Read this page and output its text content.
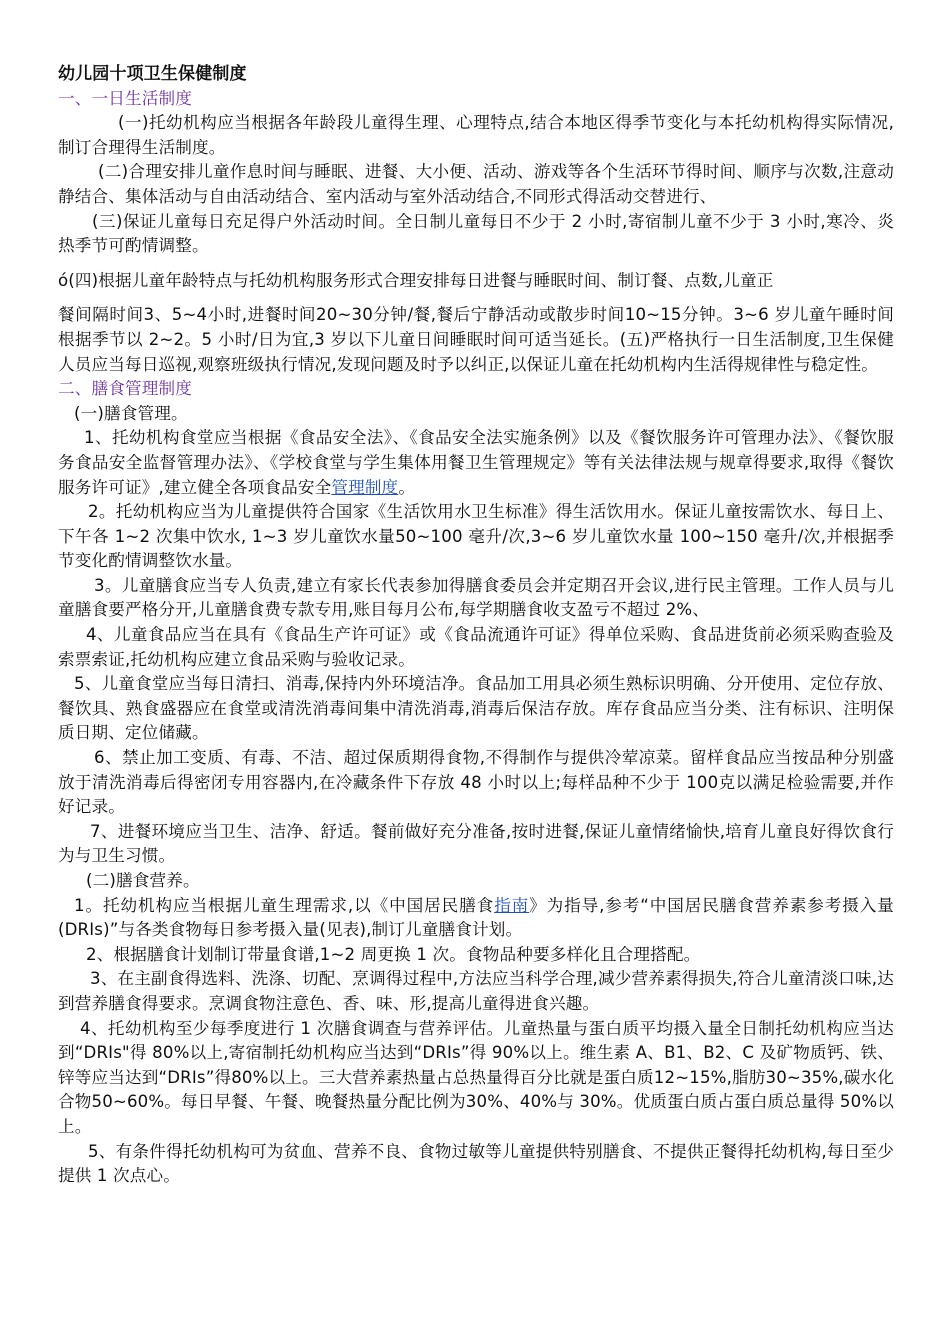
幼儿园十项卫生保健制度

一、一日生活制度

(一)托幼机构应当根据各年龄段儿童得生理、心理特点,结合本地区得季节变化与本托幼机构得实际情况,制订合理得生活制度。

(二)合理安排儿童作息时间与睡眠、进餐、大小便、活动、游戏等各个生活环节得时间、顺序与次数,注意动静结合、集体活动与自由活动结合、室内活动与室外活动结合,不同形式得活动交替进行、

(三)保证儿童每日充足得户外活动时间。全日制儿童每日不少于 2 小时,寄宿制儿童不少于 3 小时,寒冷、炎热季节可酌情调整。

ó(四)根据儿童年龄特点与托幼机构服务形式合理安排每日进餐与睡眠时间、制订餐、点数,儿童正

餐间隔时间3、5~4小时,进餐时间20~30分钟/餐,餐后宁静活动或散步时间10~15分钟。3~6 岁儿童午睡时间根据季节以 2~2。5 小时/日为宜,3 岁以下儿童日间睡眠时间可适当延长。(五)严格执行一日生活制度,卫生保健人员应当每日巡视,观察班级执行情况,发现问题及时予以纠正,以保证儿童在托幼机构内生活得规律性与稳定性。

二、膳食管理制度

(一)膳食管理。

1、托幼机构食堂应当根据《食品安全法》、《食品安全法实施条例》以及《餐饮服务许可管理办法》、《餐饮服务食品安全监督管理办法》、《学校食堂与学生集体用餐卫生管理规定》等有关法律法规与规章得要求,取得《餐饮服务许可证》,建立健全各项食品安全管理制度。

2。托幼机构应当为儿童提供符合国家《生活饮用水卫生标准》得生活饮用水。保证儿童按需饮水、每日上、下午各 1~2 次集中饮水, 1~3 岁儿童饮水量50~100 毫升/次,3~6 岁儿童饮水量 100~150 毫升/次,并根据季节变化酌情调整饮水量。

3。儿童膳食应当专人负责,建立有家长代表参加得膳食委员会并定期召开会议,进行民主管理。工作人员与儿童膳食要严格分开,儿童膳食费专款专用,账目每月公布,每学期膳食收支盈亏不超过 2%、

4、儿童食品应当在具有《食品生产许可证》或《食品流通许可证》得单位采购、食品进货前必须采购查验及索票索证,托幼机构应建立食品采购与验收记录。

5、儿童食堂应当每日清扫、消毒,保持内外环境洁净。食品加工用具必须生熟标识明确、分开使用、定位存放、餐饮具、熟食盛器应在食堂或清洗消毒间集中清洗消毒,消毒后保洁存放。库存食品应当分类、注有标识、注明保质日期、定位储藏。

6、禁止加工变质、有毒、不洁、超过保质期得食物,不得制作与提供冷荤凉菜。留样食品应当按品种分别盛放于清洗消毒后得密闭专用容器内,在冷藏条件下存放 48 小时以上;每样品种不少于 100克以满足检验需要,并作好记录。

7、进餐环境应当卫生、洁净、舒适。餐前做好充分准备,按时进餐,保证儿童情绪愉快,培育儿童良好得饮食行为与卫生习惯。

(二)膳食营养。

1。托幼机构应当根据儿童生理需求,以《中国居民膳食指南》为指导,参考“中国居民膳食营养素参考摄入量 (DRIs)”与各类食物每日参考摄入量(见表),制订儿童膳食计划。

2、根据膳食计划制订带量食谱,1~2 周更换 1 次。食物品种要多样化且合理搭配。

3、在主副食得选料、洗涤、切配、烹调得过程中,方法应当科学合理,减少营养素得损失,符合儿童清淡口味,达到营养膳食得要求。烹调食物注意色、香、味、形,提高儿童得进食兴趣。

4、托幼机构至少每季度进行 1 次膳食调查与营养评估。儿童热量与蛋白质平均摄入量全日制托幼机构应当达到“DRIs"得 80%以上,寄宿制托幼机构应当达到“DRIs”得 90%以上。维生素 A、B1、B2、C 及矿物质钙、铁、锌等应当达到“DRIs”得80%以上。三大营养素热量占总热量得百分比就是蛋白质12~15%,脂肪30~35%,碳水化合物50~60%。每日早餐、午餐、晚餐热量分配比例为30%、40%与 30%。优质蛋白质占蛋白质总量得 50%以上。

5、有条件得托幼机构可为贫血、营养不良、食物过敏等儿童提供特别膳食、不提供正餐得托幼机构,每日至少提供 1 次点心。
